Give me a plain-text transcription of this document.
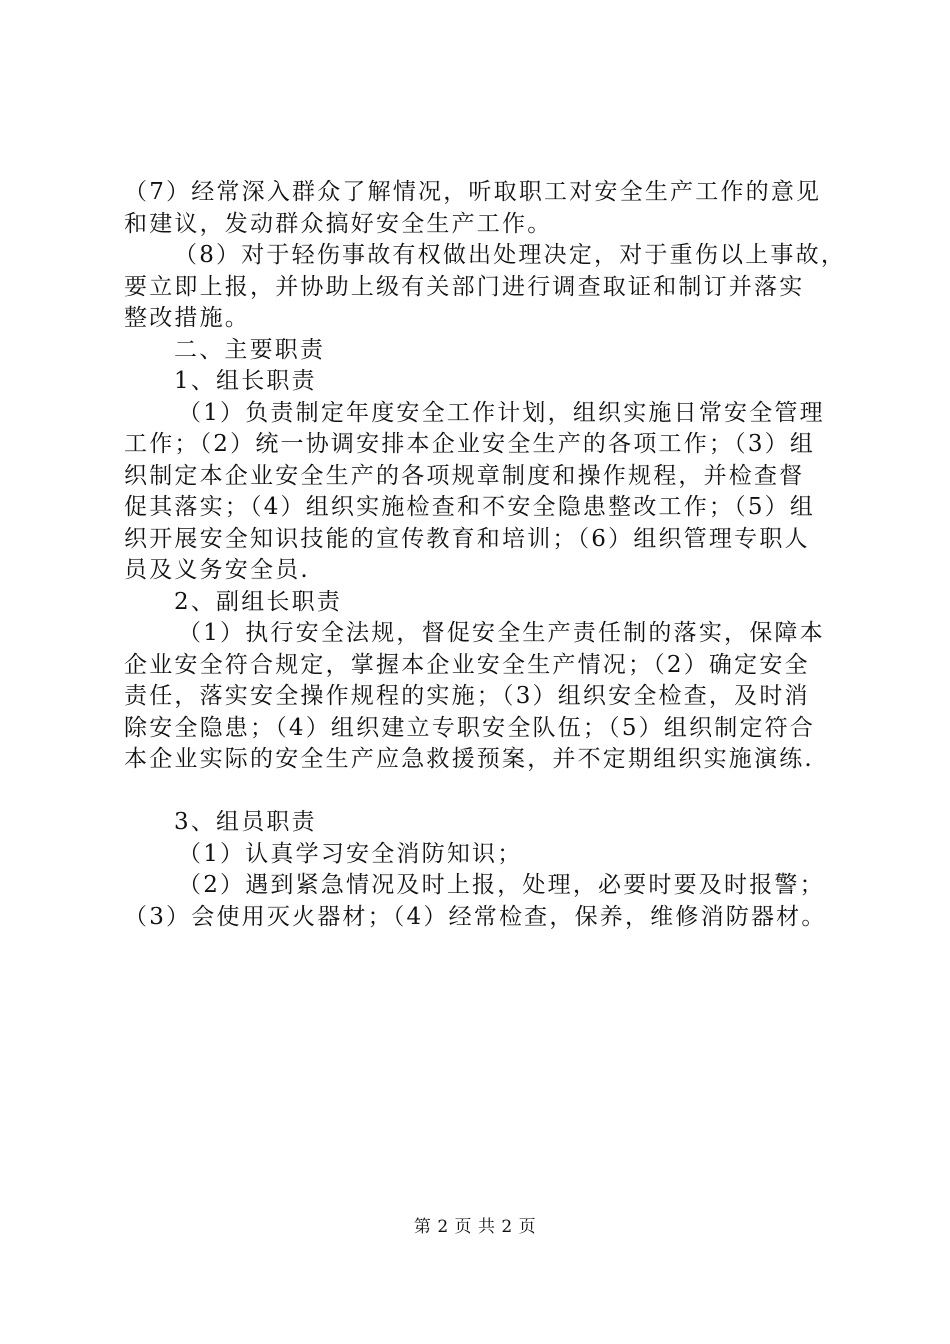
（7）经常深入群众了解情况，听取职工对安全生产工作的意见
和建议，发动群众搞好安全生产工作。
（8）对于轻伤事故有权做出处理决定，对于重伤以上事故，
要立即上报，并协助上级有关部门进行调查取证和制订并落实
整改措施。
二、主要职责
1、组长职责
（1）负责制定年度安全工作计划，组织实施日常安全管理
工作；（2）统一协调安排本企业安全生产的各项工作；（3）组
织制定本企业安全生产的各项规章制度和操作规程，并检查督
促其落实；（4）组织实施检查和不安全隐患整改工作；（5）组
织开展安全知识技能的宣传教育和培训；（6）组织管理专职人
员及义务安全员.
2、副组长职责
（1）执行安全法规，督促安全生产责任制的落实，保障本
企业安全符合规定，掌握本企业安全生产情况；（2）确定安全
责任，落实安全操作规程的实施；（3）组织安全检查，及时消
除安全隐患；（4）组织建立专职安全队伍；（5）组织制定符合
本企业实际的安全生产应急救援预案，并不定期组织实施演练.
3、组员职责
（1）认真学习安全消防知识；
（2）遇到紧急情况及时上报，处理，必要时要及时报警；
（3）会使用灭火器材；（4）经常检查，保养，维修消防器材。
第 2 页 共 2 页
